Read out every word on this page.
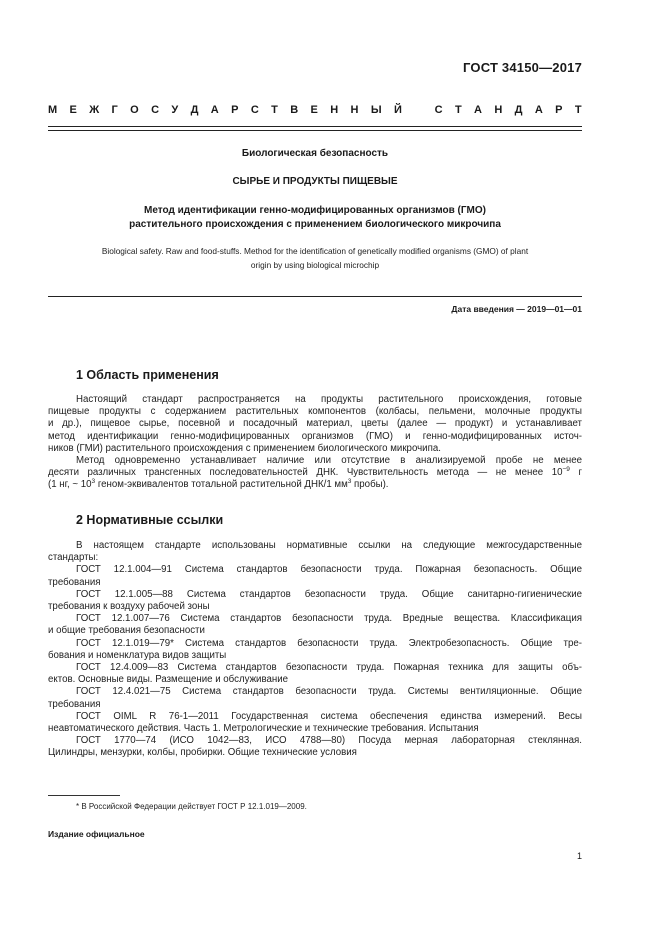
ГОСТ 34150—2017
М Е Ж Г О С У Д А Р С Т В Е Н Н Ы Й	С Т А Н Д А Р Т
Биологическая безопасность
СЫРЬЕ И ПРОДУКТЫ ПИЩЕВЫЕ
Метод идентификации генно-модифицированных организмов (ГМО)
растительного происхождения с применением биологического микрочипа
Biological safety. Raw and food-stuffs. Method for the identification of genetically modified organisms (GMO) of plant
origin by using biological microchip
Дата введения — 2019—01—01
1 Область применения
Настоящий стандарт распространяется на продукты растительного происхождения, готовые
пищевые продукты с содержанием растительных компонентов (колбасы, пельмени, молочные продукты
и др.), пищевое сырье, посевной и посадочный материал, цветы (далее — продукт) и устанавливает
метод идентификации генно-модифицированных организмов (ГМО) и генно-модифицированных источ-
ников (ГМИ) растительного происхождения с применением биологического микрочипа.
Метод одновременно устанавливает наличие или отсутствие в анализируемой пробе не менее
десяти различных трансгенных последовательностей ДНК. Чувствительность метода — не менее $10^{-9}$ г
(1 нг, ~ $10^3$ геном-эквивалентов тотальной растительной ДНК/1 $мм^3$ пробы).
2 Нормативные ссылки
В настоящем стандарте использованы нормативные ссылки на следующие межгосударственные
стандарты:
ГОСТ 12.1.004—91 Система стандартов безопасности труда. Пожарная безопасность. Общие
требования
ГОСТ 12.1.005—88 Система стандартов безопасности труда. Общие санитарно-гигиенические
требования к воздуху рабочей зоны
ГОСТ 12.1.007—76 Система стандартов безопасности труда. Вредные вещества. Классификация
и общие требования безопасности
ГОСТ 12.1.019—79* Система стандартов безопасности труда. Электробезопасность. Общие тре-
бования и номенклатура видов защиты
ГОСТ 12.4.009—83 Система стандартов безопасности труда. Пожарная техника для защиты объ-
ектов. Основные виды. Размещение и обслуживание
ГОСТ 12.4.021—75 Система стандартов безопасности труда. Системы вентиляционные. Общие
требования
ГОСТ OIML R 76-1—2011 Государственная система обеспечения единства измерений. Весы
неавтоматического действия. Часть 1. Метрологические и технические требования. Испытания
ГОСТ 1770—74 (ИСО 1042—83, ИСО 4788—80) Посуда мерная лабораторная стеклянная.
Цилиндры, мензурки, колбы, пробирки. Общие технические условия
* В Российской Федерации действует ГОСТ Р 12.1.019—2009.
Издание официальное
1
